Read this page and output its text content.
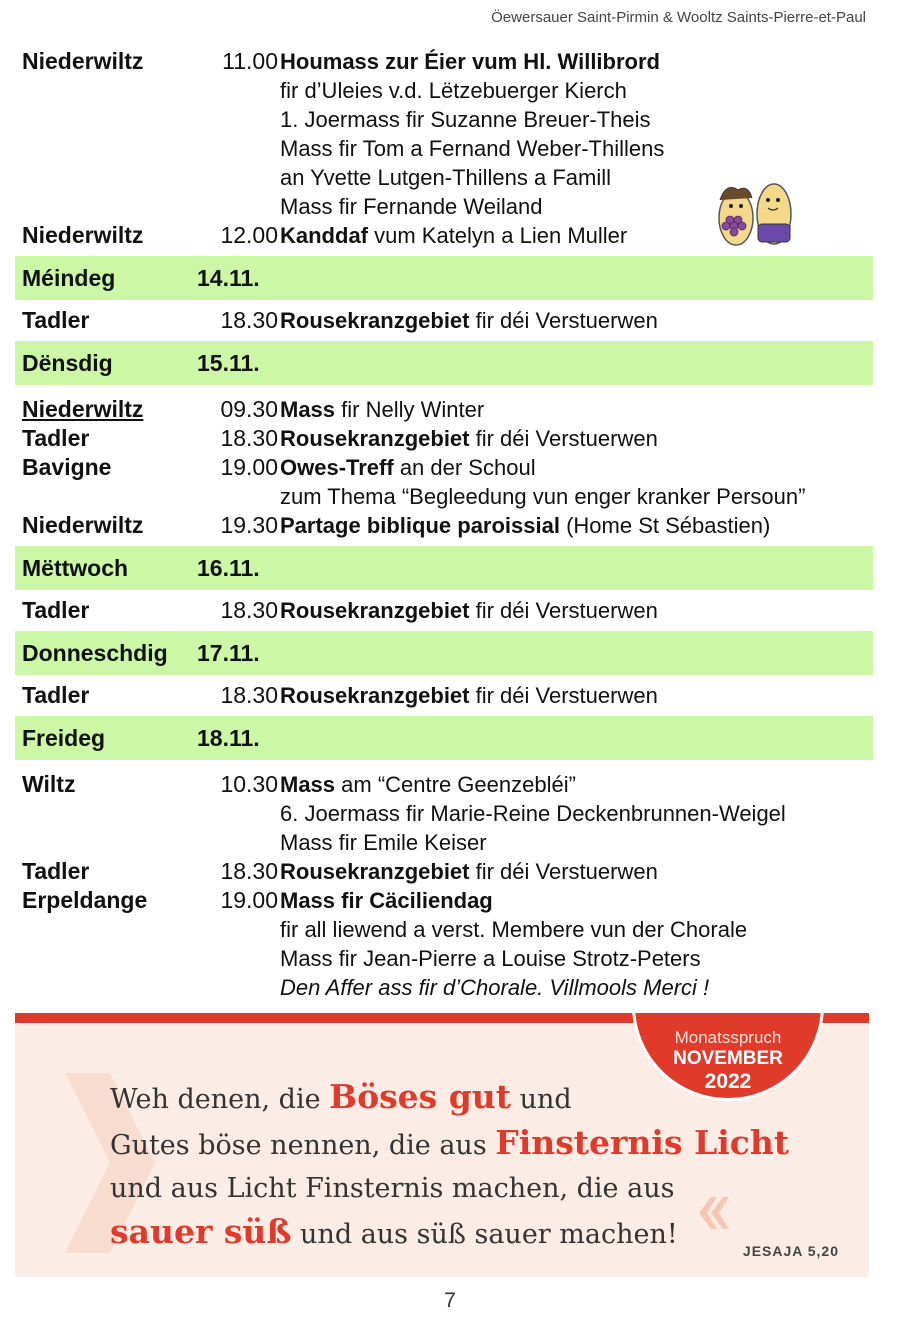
Öewersauer Saint-Pirmin & Wooltz Saints-Pierre-et-Paul
Niederwiltz	11.00 Houmass zur Éier vum Hl. Willibrord
fir d’Uleies v.d. Lëtzebuerger Kierch
1. Joermass fir Suzanne Breuer-Theis
Mass fir Tom a Fernand Weber-Thillens
an Yvette Lutgen-Thillens a Famill
Mass fir Fernande Weiland
Niederwiltz	12.00 Kanddaf vum Katelyn a Lien Muller
Méindeg	14.11.
Tadler	18.30 Rousekranzgebiet fir déi Verstuerwen
Dënsdig	15.11.
Niederwiltz	09.30 Mass fir Nelly Winter
Tadler	18.30 Rousekranzgebiet fir déi Verstuerwen
Bavigne	19.00 Owes-Treff an der Schoul
zum Thema “Begleedung vun enger kranker Persoun”
Niederwiltz	19.30 Partage biblique paroissial (Home St Sébastien)
Mëttwoch	16.11.
Tadler	18.30 Rousekranzgebiet fir déi Verstuerwen
Donneschdig 17.11.
Tadler	18.30 Rousekranzgebiet fir déi Verstuerwen
Freideg	18.11.
Wiltz	10.30 Mass am “Centre Geenzebléi”
6. Joermass fir Marie-Reine Deckenbrunnen-Weigel
Mass fir Emile Keiser
Tadler	18.30 Rousekranzgebiet fir déi Verstuerwen
Erpeldange	19.00 Mass fir Cäciliendag
fir all liewend a verst. Membere vun der Chorale
Mass fir Jean-Pierre a Louise Strotz-Peters
Den Affer ass fir d’Chorale. Villmools Merci !
Monatsspruch
NOVEMBER
2022
Weh denen, die Böses gut und
Gutes böse nennen, die aus Finsternis Licht
und aus Licht Finsternis machen, die aus
sauer süß und aus süß sauer machen!
JESAJA 5,20
7
